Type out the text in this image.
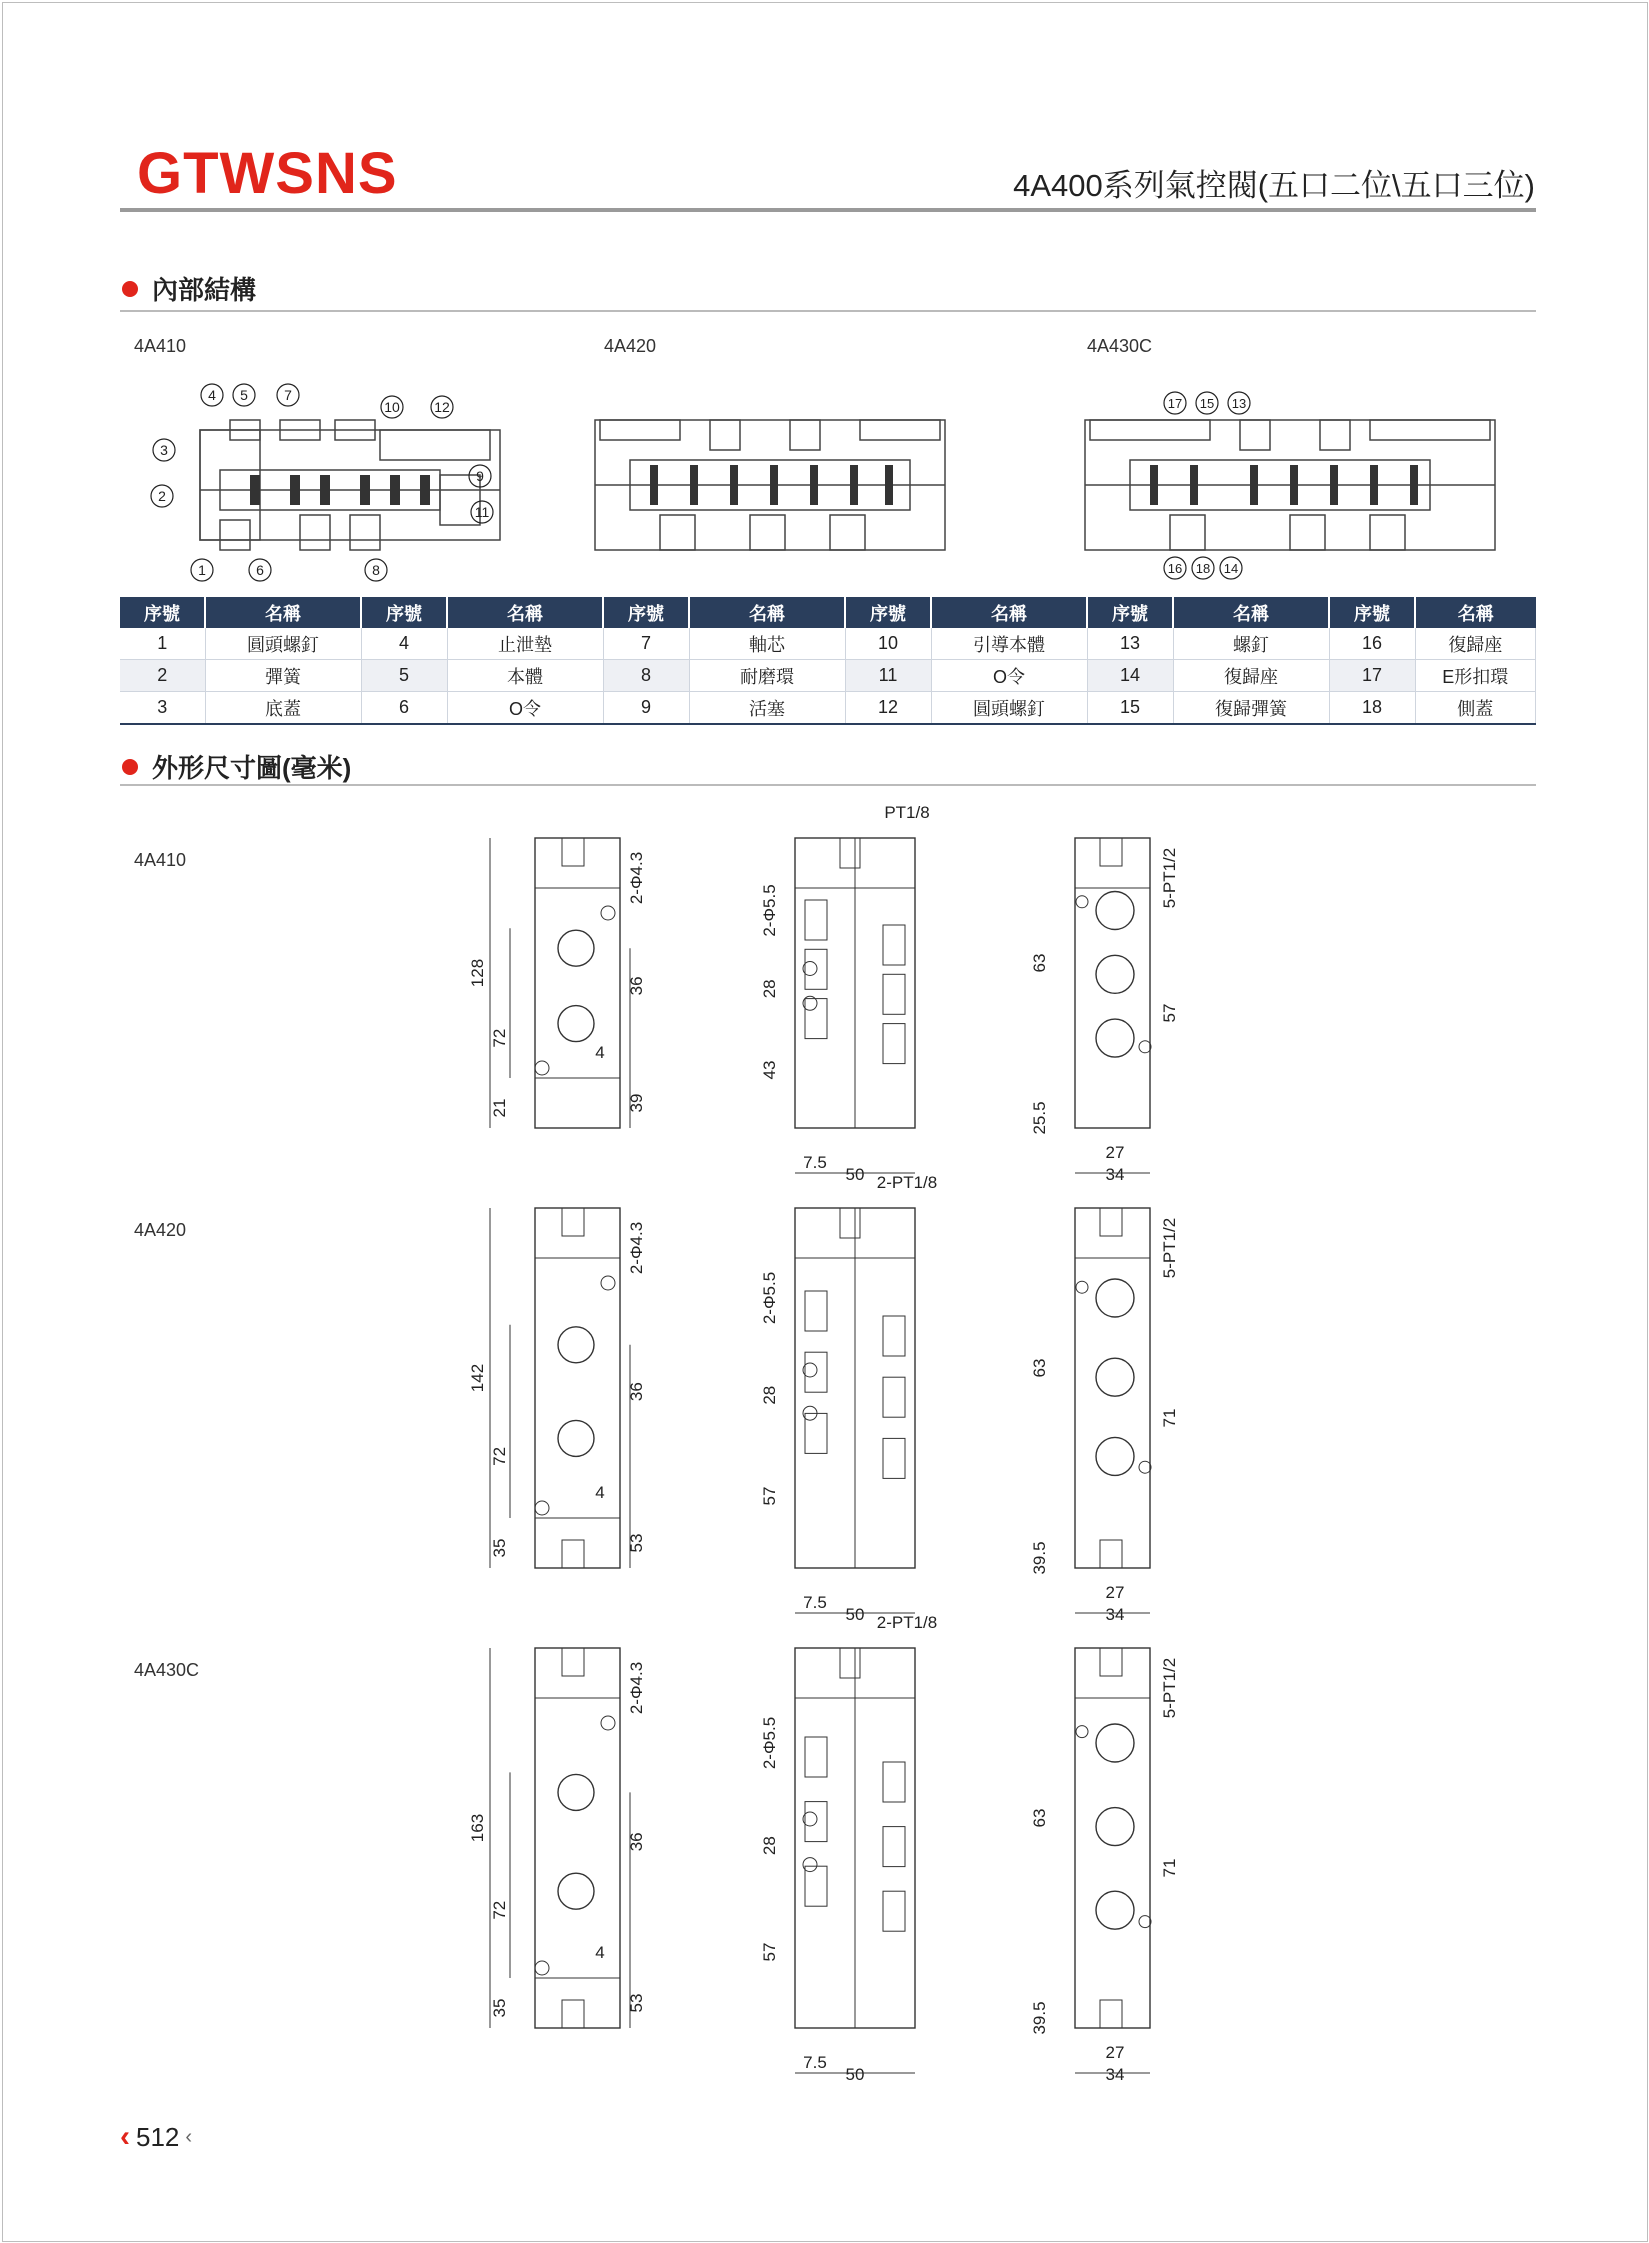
GTWSNS	4A400系列氣控閥(五口二位\五口三位)
內部結構
4A410	4A420	4A430C
1
2
3
4 5
6
7
8
9
10
11
12	13
14
15
16
17
18
序號	名稱	序號	名稱	序號	名稱	序號	名稱	序號	名稱	序號	名稱
1	圓頭螺釘	4	止泄墊	7	軸芯	10	引導本體	13	螺釘	16	復歸座
2	彈簧	5	本體	8	耐磨環	11	O令	14	復歸座	17	E形扣環
3	底蓋	6	O令	9	活塞	12	圓頭螺釘	15	復歸彈簧	18	側蓋
外形尺寸圖(毫米)
4A410
128
72
21
36
39
4
2-Φ4.3
7.5
50
PT1/8
2-Φ5.5
28
43
5-PT1/2
63
57
25.5
27
34
4A420
142
72
35
36
53
4
2-Φ4.3
7.5
50
2-PT1/8
2-Φ5.5
28
57
5-PT1/2
63
71
39.5
27
34
4A430C
163
72
35
36
53
4
2-Φ4.3
7.5
50
2-PT1/8
2-Φ5.5
28
57
5-PT1/2
63
71
39.5
27
34
‹ 512 ‹
